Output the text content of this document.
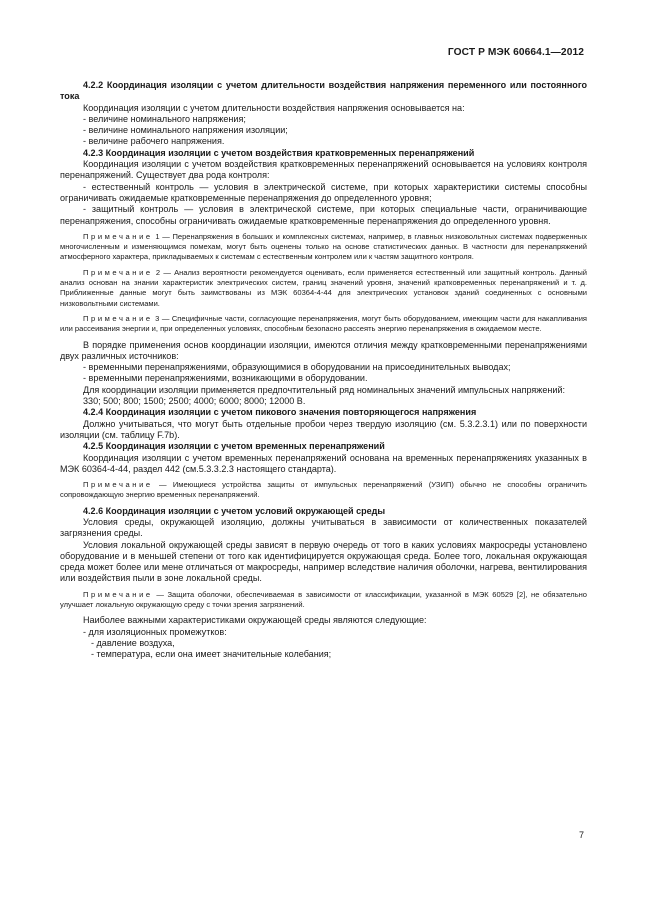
ГОСТ Р МЭК 60664.1—2012

4.2.2 Координация изоляции с учетом длительности воздействия напряжения переменного или постоянного тока

Координация изоляции с учетом длительности воздействия напряжения основывается на:

- величине номинального напряжения;

- величине номинального напряжения изоляции;

- величине рабочего напряжения.

4.2.3 Координация изоляции с учетом воздействия кратковременных перенапряжений

Координация изоляции с учетом воздействия кратковременных перенапряжений основывается на условиях контроля перенапряжений. Существует два рода контроля:

- естественный контроль — условия в электрической системе, при которых характеристики системы способны ограничивать ожидаемые кратковременные перенапряжения до определенного уровня;

- защитный контроль — условия в электрической системе, при которых специальные части, ограничивающие перенапряжения, способны ограничивать ожидаемые кратковременные перенапряжения до определенного уровня.

Примечание 1 — Перенапряжения в больших и комплексных системах, например, в главных низковольтных системах подверженных многочисленным и изменяющимся помехам, могут быть оценены только на основе статистических данных. В частности для перенапряжений атмосферного характера, прикладываемых к системам с естественным контролем или к частям защитного контроля.

Примечание 2 — Анализ вероятности рекомендуется оценивать, если применяется естественный или защитный контроль. Данный анализ основан на знании характеристик электрических систем, границ значений уровня, значений кратковременных перенапряжений и т. д. Приближенные данные могут быть заимствованы из МЭК 60364-4-44 для электрических установок зданий соединенных с основными низковольтными системами.

Примечание 3 — Специфичные части, согласующие перенапряжения, могут быть оборудованием, имеющим части для накапливания или рассеивания энергии и, при определенных условиях, способным безопасно рассеять энергию перенапряжения в ожидаемом месте.

В порядке применения основ координации изоляции, имеются отличия между кратковременными перенапряжениями двух различных источников:

- временными перенапряжениями, образующимися в оборудовании на присоединительных выводах;

- временными перенапряжениями, возникающими в оборудовании.

Для координации изоляции применяется предпочтительный ряд номинальных значений импульсных напряжений:

330; 500; 800; 1500; 2500; 4000; 6000; 8000; 12000 В.

4.2.4 Координация изоляции с учетом пикового значения повторяющегося напряжения

Должно учитываться, что могут быть отдельные пробои через твердую изоляцию (см. 5.3.2.3.1) или по поверхности изоляции (см. таблицу F.7b).

4.2.5 Координация изоляции с учетом временных перенапряжений

Координация изоляции с учетом временных перенапряжений основана на временных перенапряжениях указанных в МЭК 60364-4-44, раздел 442 (см.5.3.3.2.3 настоящего стандарта).

Примечание — Имеющиеся устройства защиты от импульсных перенапряжений (УЗИП) обычно не способны ограничить сопровождающую энергию временных перенапряжений.

4.2.6 Координация изоляции с учетом условий окружающей среды

Условия среды, окружающей изоляцию, должны учитываться в зависимости от количественных показателей загрязнения среды.

Условия локальной окружающей среды зависят в первую очередь от того в каких условиях макросреды установлено оборудование и в меньшей степени от того как идентифицируется окружающая среда. Более того, локальная окружающая среда может более или мене отличаться от макросреды, например вследствие наличия оболочки, нагрева, вентилирования или воздействия пыли в зоне локальной среды.

Примечание — Защита оболочки, обеспечиваемая в зависимости от классификации, указанной в МЭК 60529 [2], не обязательно улучшает локальную окружающую среду с точки зрения загрязнений.

Наиболее важными характеристиками окружающей среды являются следующие:

- для изоляционных промежутков:

- давление воздуха,

- температура, если она имеет значительные колебания;

7
